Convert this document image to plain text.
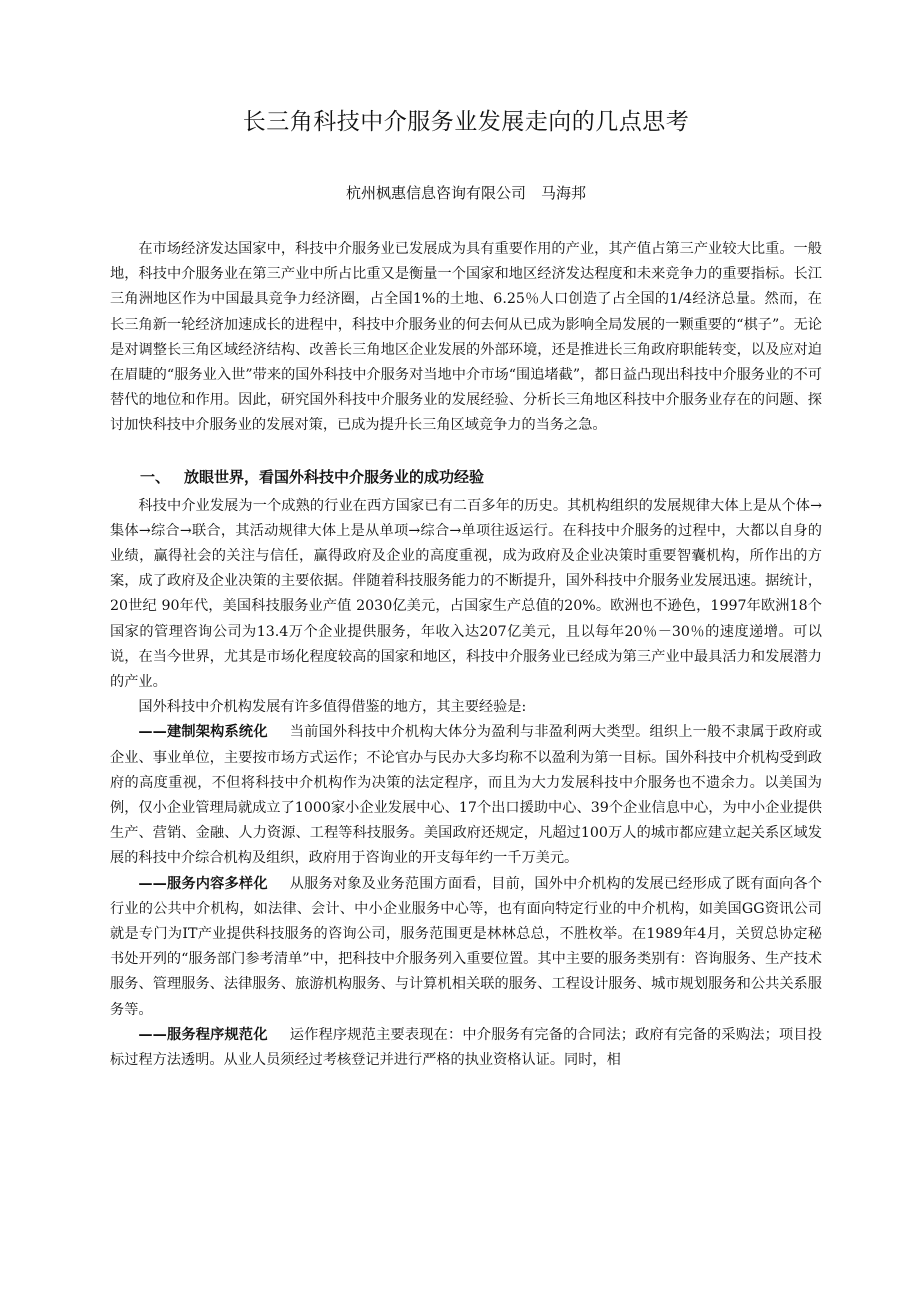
长三角科技中介服务业发展走向的几点思考
杭州枫惠信息咨询有限公司　马海邦

在市场经济发达国家中，科技中介服务业已发展成为具有重要作用的产业，其产值占第三产业较大比重。一般地，科技中介服务业在第三产业中所占比重又是衡量一个国家和地区经济发达程度和未来竞争力的重要指标。长江三角洲地区作为中国最具竞争力经济圈，占全国1%的土地、6.25％人口创造了占全国的1/4经济总量。然而，在长三角新一轮经济加速成长的进程中，科技中介服务业的何去何从已成为影响全局发展的一颗重要的“棋子”。无论是对调整长三角区域经济结构、改善长三角地区企业发展的外部环境，还是推进长三角政府职能转变，以及应对迫在眉睫的“服务业入世”带来的国外科技中介服务对当地中介市场“围追堵截”，都日益凸现出科技中介服务业的不可替代的地位和作用。因此，研究国外科技中介服务业的发展经验、分析长三角地区科技中介服务业存在的问题、探讨加快科技中介服务业的发展对策，已成为提升长三角区域竞争力的当务之急。

一、 放眼世界，看国外科技中介服务业的成功经验

科技中介业发展为一个成熟的行业在西方国家已有二百多年的历史。其机构组织的发展规律大体上是从个体→集体→综合→联合，其活动规律大体上是从单项→综合→单项往返运行。在科技中介服务的过程中，大都以自身的业绩，赢得社会的关注与信任，赢得政府及企业的高度重视，成为政府及企业决策时重要智囊机构，所作出的方案，成了政府及企业决策的主要依据。伴随着科技服务能力的不断提升，国外科技中介服务业发展迅速。据统计，20世纪 90年代，美国科技服务业产值 2030亿美元，占国家生产总值的20%。欧洲也不逊色，1997年欧洲18个国家的管理咨询公司为13.4万个企业提供服务，年收入达207亿美元，且以每年20％－30％的速度递增。可以说，在当今世界，尤其是市场化程度较高的国家和地区，科技中介服务业已经成为第三产业中最具活力和发展潜力的产业。

国外科技中介机构发展有许多值得借鉴的地方，其主要经验是:

——建制架构系统化 当前国外科技中介机构大体分为盈利与非盈利两大类型。组织上一般不隶属于政府或企业、事业单位，主要按市场方式运作；不论官办与民办大多均称不以盈利为第一目标。国外科技中介机构受到政府的高度重视，不但将科技中介机构作为决策的法定程序，而且为大力发展科技中介服务也不遗余力。以美国为例，仅小企业管理局就成立了1000家小企业发展中心、17个出口援助中心、39个企业信息中心，为中小企业提供生产、营销、金融、人力资源、工程等科技服务。美国政府还规定，凡超过100万人的城市都应建立起关系区域发展的科技中介综合机构及组织，政府用于咨询业的开支每年约一千万美元。

——服务内容多样化 从服务对象及业务范围方面看，目前，国外中介机构的发展已经形成了既有面向各个行业的公共中介机构，如法律、会计、中小企业服务中心等，也有面向特定行业的中介机构，如美国GG资讯公司就是专门为IT产业提供科技服务的咨询公司，服务范围更是林林总总，不胜枚举。在1989年4月，关贸总协定秘书处开列的“服务部门参考清单”中，把科技中介服务列入重要位置。其中主要的服务类别有：咨询服务、生产技术服务、管理服务、法律服务、旅游机构服务、与计算机相关联的服务、工程设计服务、城市规划服务和公共关系服务等。

——服务程序规范化 运作程序规范主要表现在：中介服务有完备的合同法；政府有完备的采购法；项目投标过程方法透明。从业人员须经过考核登记并进行严格的执业资格认证。同时，相
